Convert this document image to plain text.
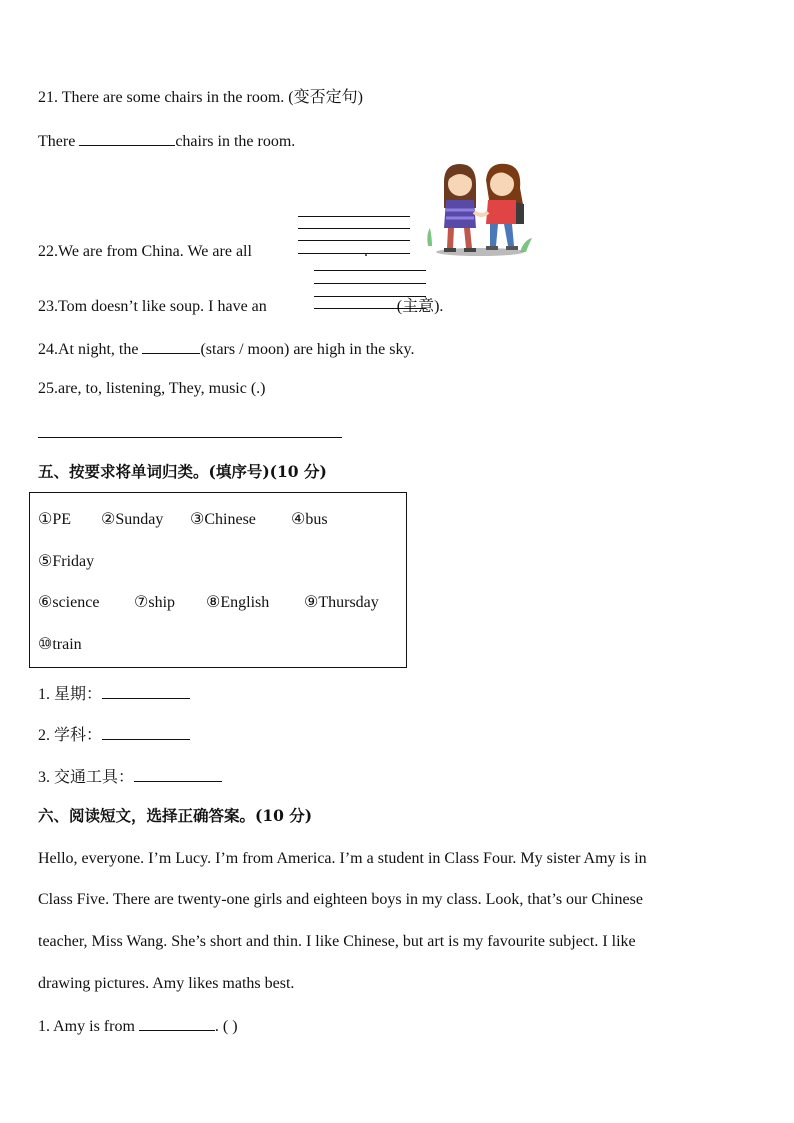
21. There are some chairs in the room. (变否定句)
There	chairs in the room.
22.We are from China. We are all	.
23.Tom doesn’t like soup. I have an	(主意).
24.At night, the	(stars / moon) are high in the sky.
25.are, to, listening, They, music (.)
五、按要求将单词归类。(填序号)(10 分)
①PE ②Sunday ③Chinese ④bus
⑤Friday
⑥science ⑦ship ⑧English ⑨Thursday
⑩train
1. 星期：
2. 学科：
3. 交通工具：
六、阅读短文，选择正确答案。(10 分)
Hello, everyone. I’m Lucy. I’m from America. I’m a student in Class Four. My sister Amy is in
Class Five. There are twenty-one girls and eighteen boys in my class. Look, that’s our Chinese
teacher, Miss Wang. She’s short and thin. I like Chinese, but art is my favourite subject. I like
drawing pictures. Amy likes maths best.
1. Amy is from	. ( )
